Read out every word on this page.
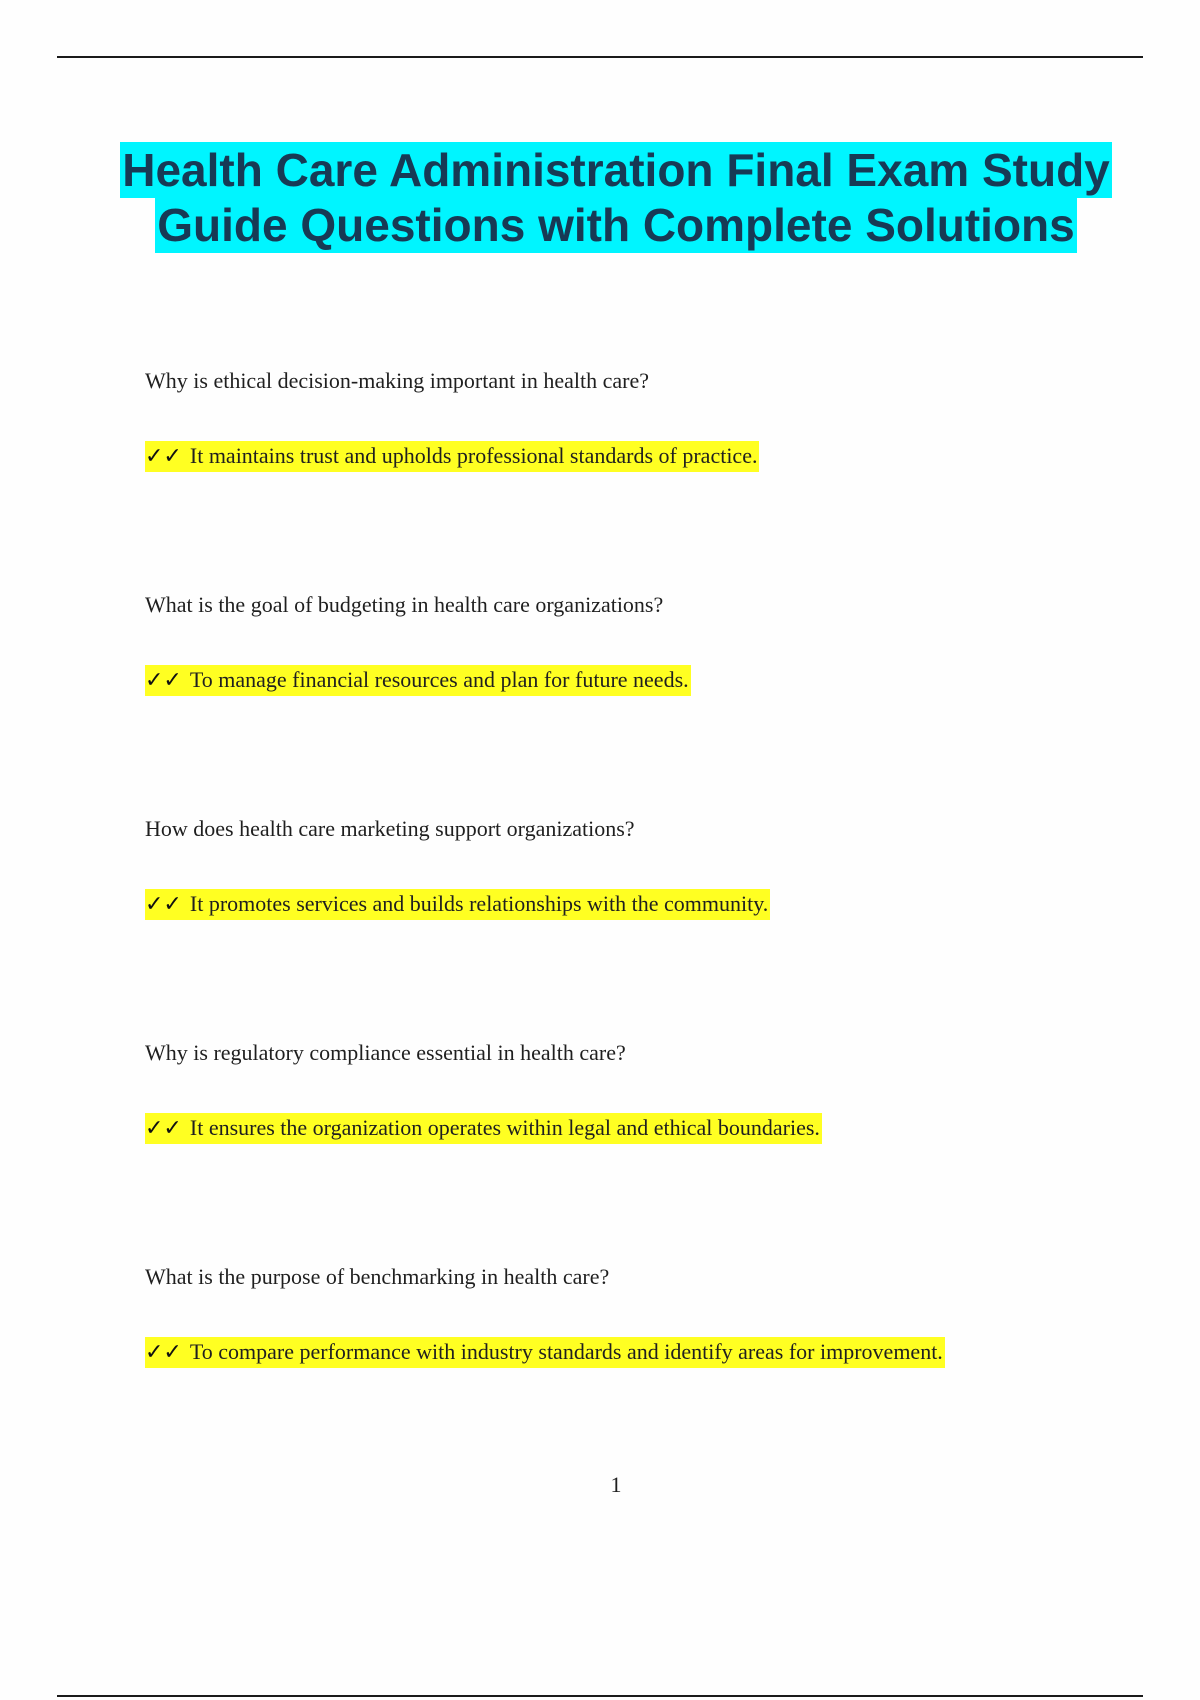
Health Care Administration Final Exam Study Guide Questions with Complete Solutions
Why is ethical decision-making important in health care?
✓✓ It maintains trust and upholds professional standards of practice.
What is the goal of budgeting in health care organizations?
✓✓ To manage financial resources and plan for future needs.
How does health care marketing support organizations?
✓✓ It promotes services and builds relationships with the community.
Why is regulatory compliance essential in health care?
✓✓ It ensures the organization operates within legal and ethical boundaries.
What is the purpose of benchmarking in health care?
✓✓ To compare performance with industry standards and identify areas for improvement.
1
